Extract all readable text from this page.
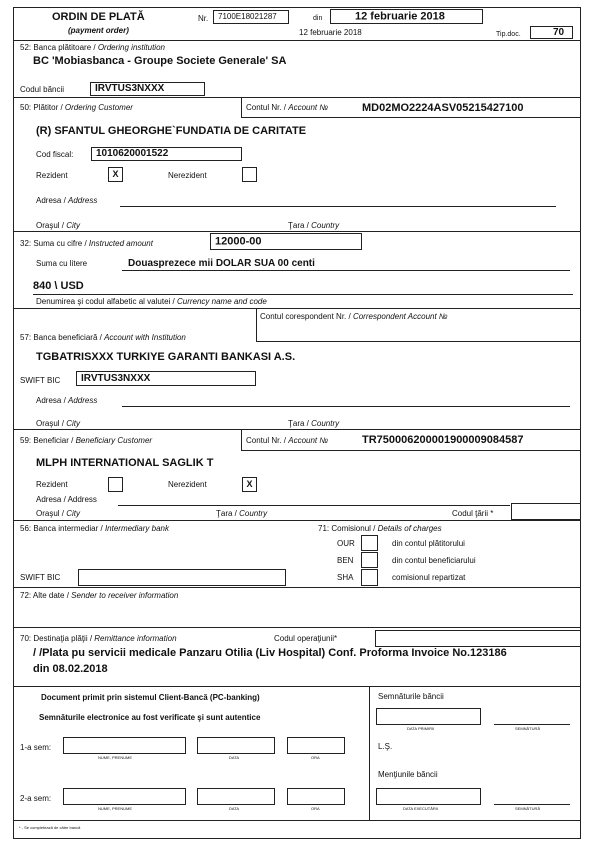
ORDIN DE PLATĂ
(payment order)
Nr. 7100E18021287	din	12 februarie 2018
12 februarie 2018	Tip.doc.	70
52: Banca plătitoare / Ordering institution
BC 'Mobiasbanca - Groupe Societe Generale' SA
Codul băncii	IRVTUS3NXXX
50: Plătitor / Ordering Customer	Contul Nr. / Account №	MD02MO2224ASV05215427100
(R) SFANTUL GHEORGHE`FUNDATIA DE CARITATE
Cod fiscal: 1010620001522
Rezident	X	Nerezident
Adresa / Address
Oraşul / City	Ţara / Country
32: Suma cu cifre / Instructed amount	12000-00
Suma cu litere	Douasprezece mii DOLAR SUA 00 centi
840 \ USD
Denumirea şi codul alfabetic al valutei / Currency name and code
Contul corespondent Nr. / Correspondent Account №
57: Banca beneficiară / Account with Institution
TGBATRISXXX TURKIYE GARANTI BANKASI A.S.
SWIFT BIC IRVTUS3NXXX
Adresa / Address
Oraşul / City	Ţara / Country
59: Beneficiar / Beneficiary Customer	Contul Nr. / Account №	TR750006200001900009084587
MLPH INTERNATIONAL SAGLIK T
Rezident	Nerezident	X
Adresa / Address
Oraşul / City	Ţara / Country	Codul ţării *
56: Banca intermediar / Intermediary bank
SWIFT BIC
71: Comisionul / Details of charges
OUR	din contul plătitorului
BEN	din contul beneficiarului
SHA	comisionul repartizat
72: Alte date / Sender to receiver information
70: Destinaţia plăţii / Remittance information	Codul operaţiunii*
/ /Plata pu servicii medicale Panzaru Otilia (Liv Hospital) Conf. Proforma Invoice No.123186
din 08.02.2018
Document primit prin sistemul Client-Bancă (PC-banking)
Semnăturile electronice au fost verificate şi sunt autentice
1-a sem:
NUME, PRENUME	DATA	ORA
2-a sem:
NUME, PRENUME	DATA	ORA
Semnăturile băncii
DATA PRIMIRII	SEMNĂTURĂ
L.Ş.
Menţiunile băncii
DATA EXECUTĂRII	SEMNĂTURĂ
* - Se completează de către bancă
